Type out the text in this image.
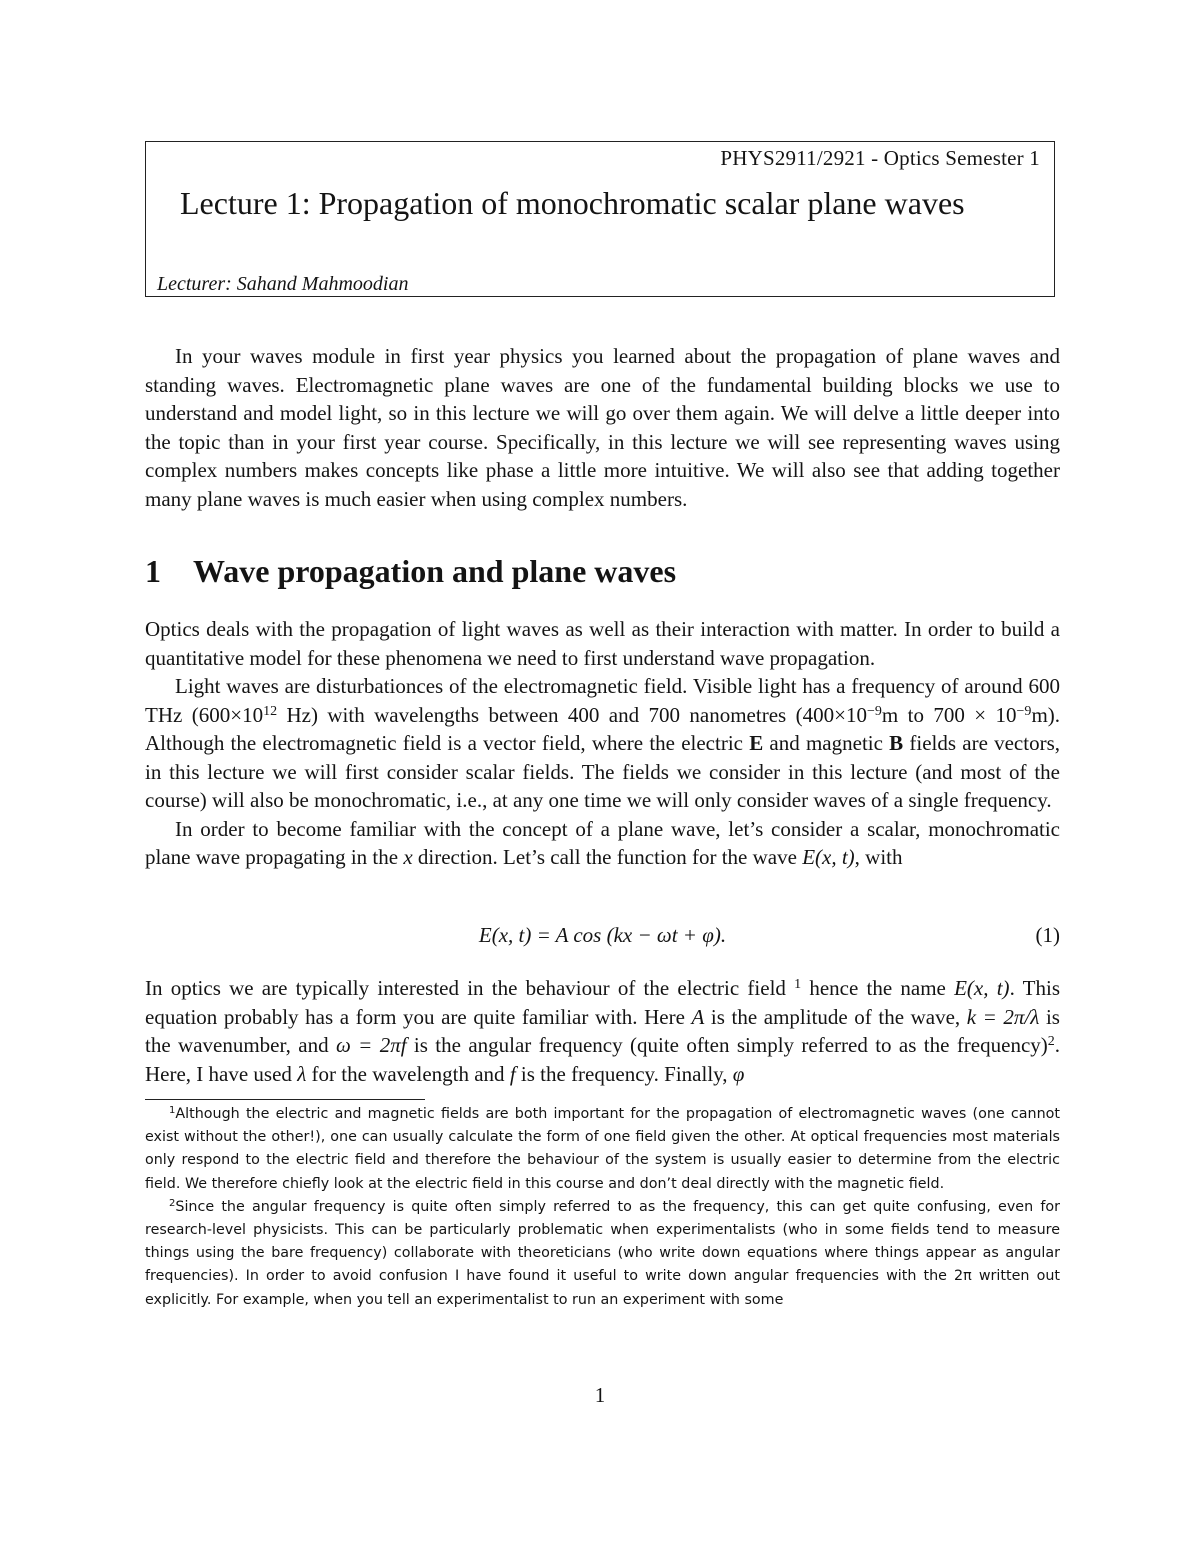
PHYS2911/2921 - Optics Semester 1
Lecture 1: Propagation of monochromatic scalar plane waves
Lecturer: Sahand Mahmoodian

In your waves module in first year physics you learned about the propagation of plane waves and standing waves. Electromagnetic plane waves are one of the fundamental building blocks we use to understand and model light, so in this lecture we will go over them again. We will delve a little deeper into the topic than in your first year course. Specifically, in this lecture we will see representing waves using complex numbers makes concepts like phase a little more intuitive. We will also see that adding together many plane waves is much easier when using complex numbers.

1 Wave propagation and plane waves

Optics deals with the propagation of light waves as well as their interaction with matter. In order to build a quantitative model for these phenomena we need to first understand wave propagation.

Light waves are disturbationces of the electromagnetic field. Visible light has a frequency of around 600 THz ($600\times 10^{12}$ Hz) with wavelengths between 400 and 700 nanometres ($400\times 10^{-9}m$ to $700 \times 10^{-9}m$). Although the electromagnetic field is a vector field, where the electric E and magnetic B fields are vectors, in this lecture we will first consider scalar fields. The fields we consider in this lecture (and most of the course) will also be monochromatic, i.e., at any one time we will only consider waves of a single frequency.

In order to become familiar with the concept of a plane wave, let’s consider a scalar, monochromatic plane wave propagating in the x direction. Let’s call the function for the wave E(x, t), with

E(x, t) = A cos (kx − ωt + φ).	(1)

In optics we are typically interested in the behaviour of the electric field $^1$ hence the name E(x, t). This equation probably has a form you are quite familiar with. Here A is the amplitude of the wave, k = 2π/λ is the wavenumber, and ω = 2πf is the angular frequency (quite often simply referred to as the frequency)$^2$. Here, I have used λ for the wavelength and f is the frequency. Finally, φ

$^1$Although the electric and magnetic fields are both important for the propagation of electromagnetic waves (one cannot exist without the other!), one can usually calculate the form of one field given the other. At optical frequencies most materials only respond to the electric field and therefore the behaviour of the system is usually easier to determine from the electric field. We therefore chiefly look at the electric field in this course and don’t deal directly with the magnetic field.

$^2$Since the angular frequency is quite often simply referred to as the frequency, this can get quite confusing, even for research-level physicists. This can be particularly problematic when experimentalists (who in some fields tend to measure things using the bare frequency) collaborate with theoreticians (who write down equations where things appear as angular frequencies). In order to avoid confusion I have found it useful to write down angular frequencies with the 2π written out explicitly. For example, when you tell an experimentalist to run an experiment with some

1
